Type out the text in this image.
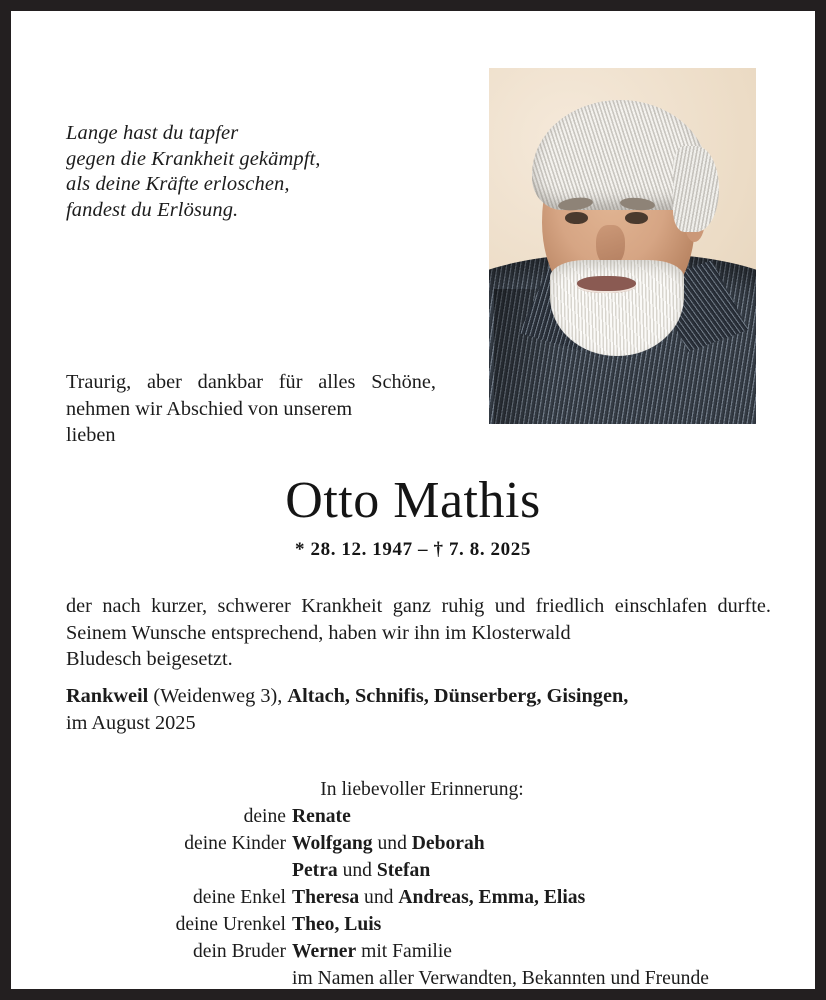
Lange hast du tapfer
gegen die Krankheit gekämpft,
als deine Kräfte erloschen,
fandest du Erlösung.
Traurig, aber dankbar für alles Schöne, nehmen wir Abschied von unserem
lieben
Otto Mathis
* 28. 12. 1947 – † 7. 8. 2025
der nach kurzer, schwerer Krankheit ganz ruhig und friedlich einschlafen durfte. Seinem Wunsche entsprechend, haben wir ihn im Klosterwald
Bludesch beigesetzt.
Rankweil (Weidenweg 3), Altach, Schnifis, Dünserberg, Gisingen,
im August 2025
In liebevoller Erinnerung:
deine Renate
deine Kinder Wolfgang und Deborah
Petra und Stefan
deine Enkel Theresa und Andreas, Emma, Elias
deine Urenkel Theo, Luis
dein Bruder Werner mit Familie
im Namen aller Verwandten, Bekannten und Freunde
